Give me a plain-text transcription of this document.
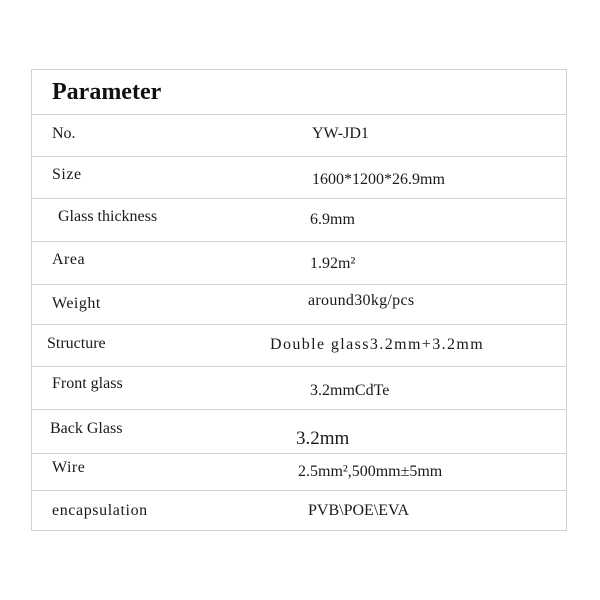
Parameter
No.	YW-JD1
Size	1600*1200*26.9mm
Glass thickness	6.9mm
Area	1.92m²
Weight	around30kg/pcs
Structure	Double glass3.2mm+3.2mm
Front glass	3.2mmCdTe
Back Glass	3.2mm
Wire	2.5mm²,500mm±5mm
encapsulation	PVB\POE\EVA
